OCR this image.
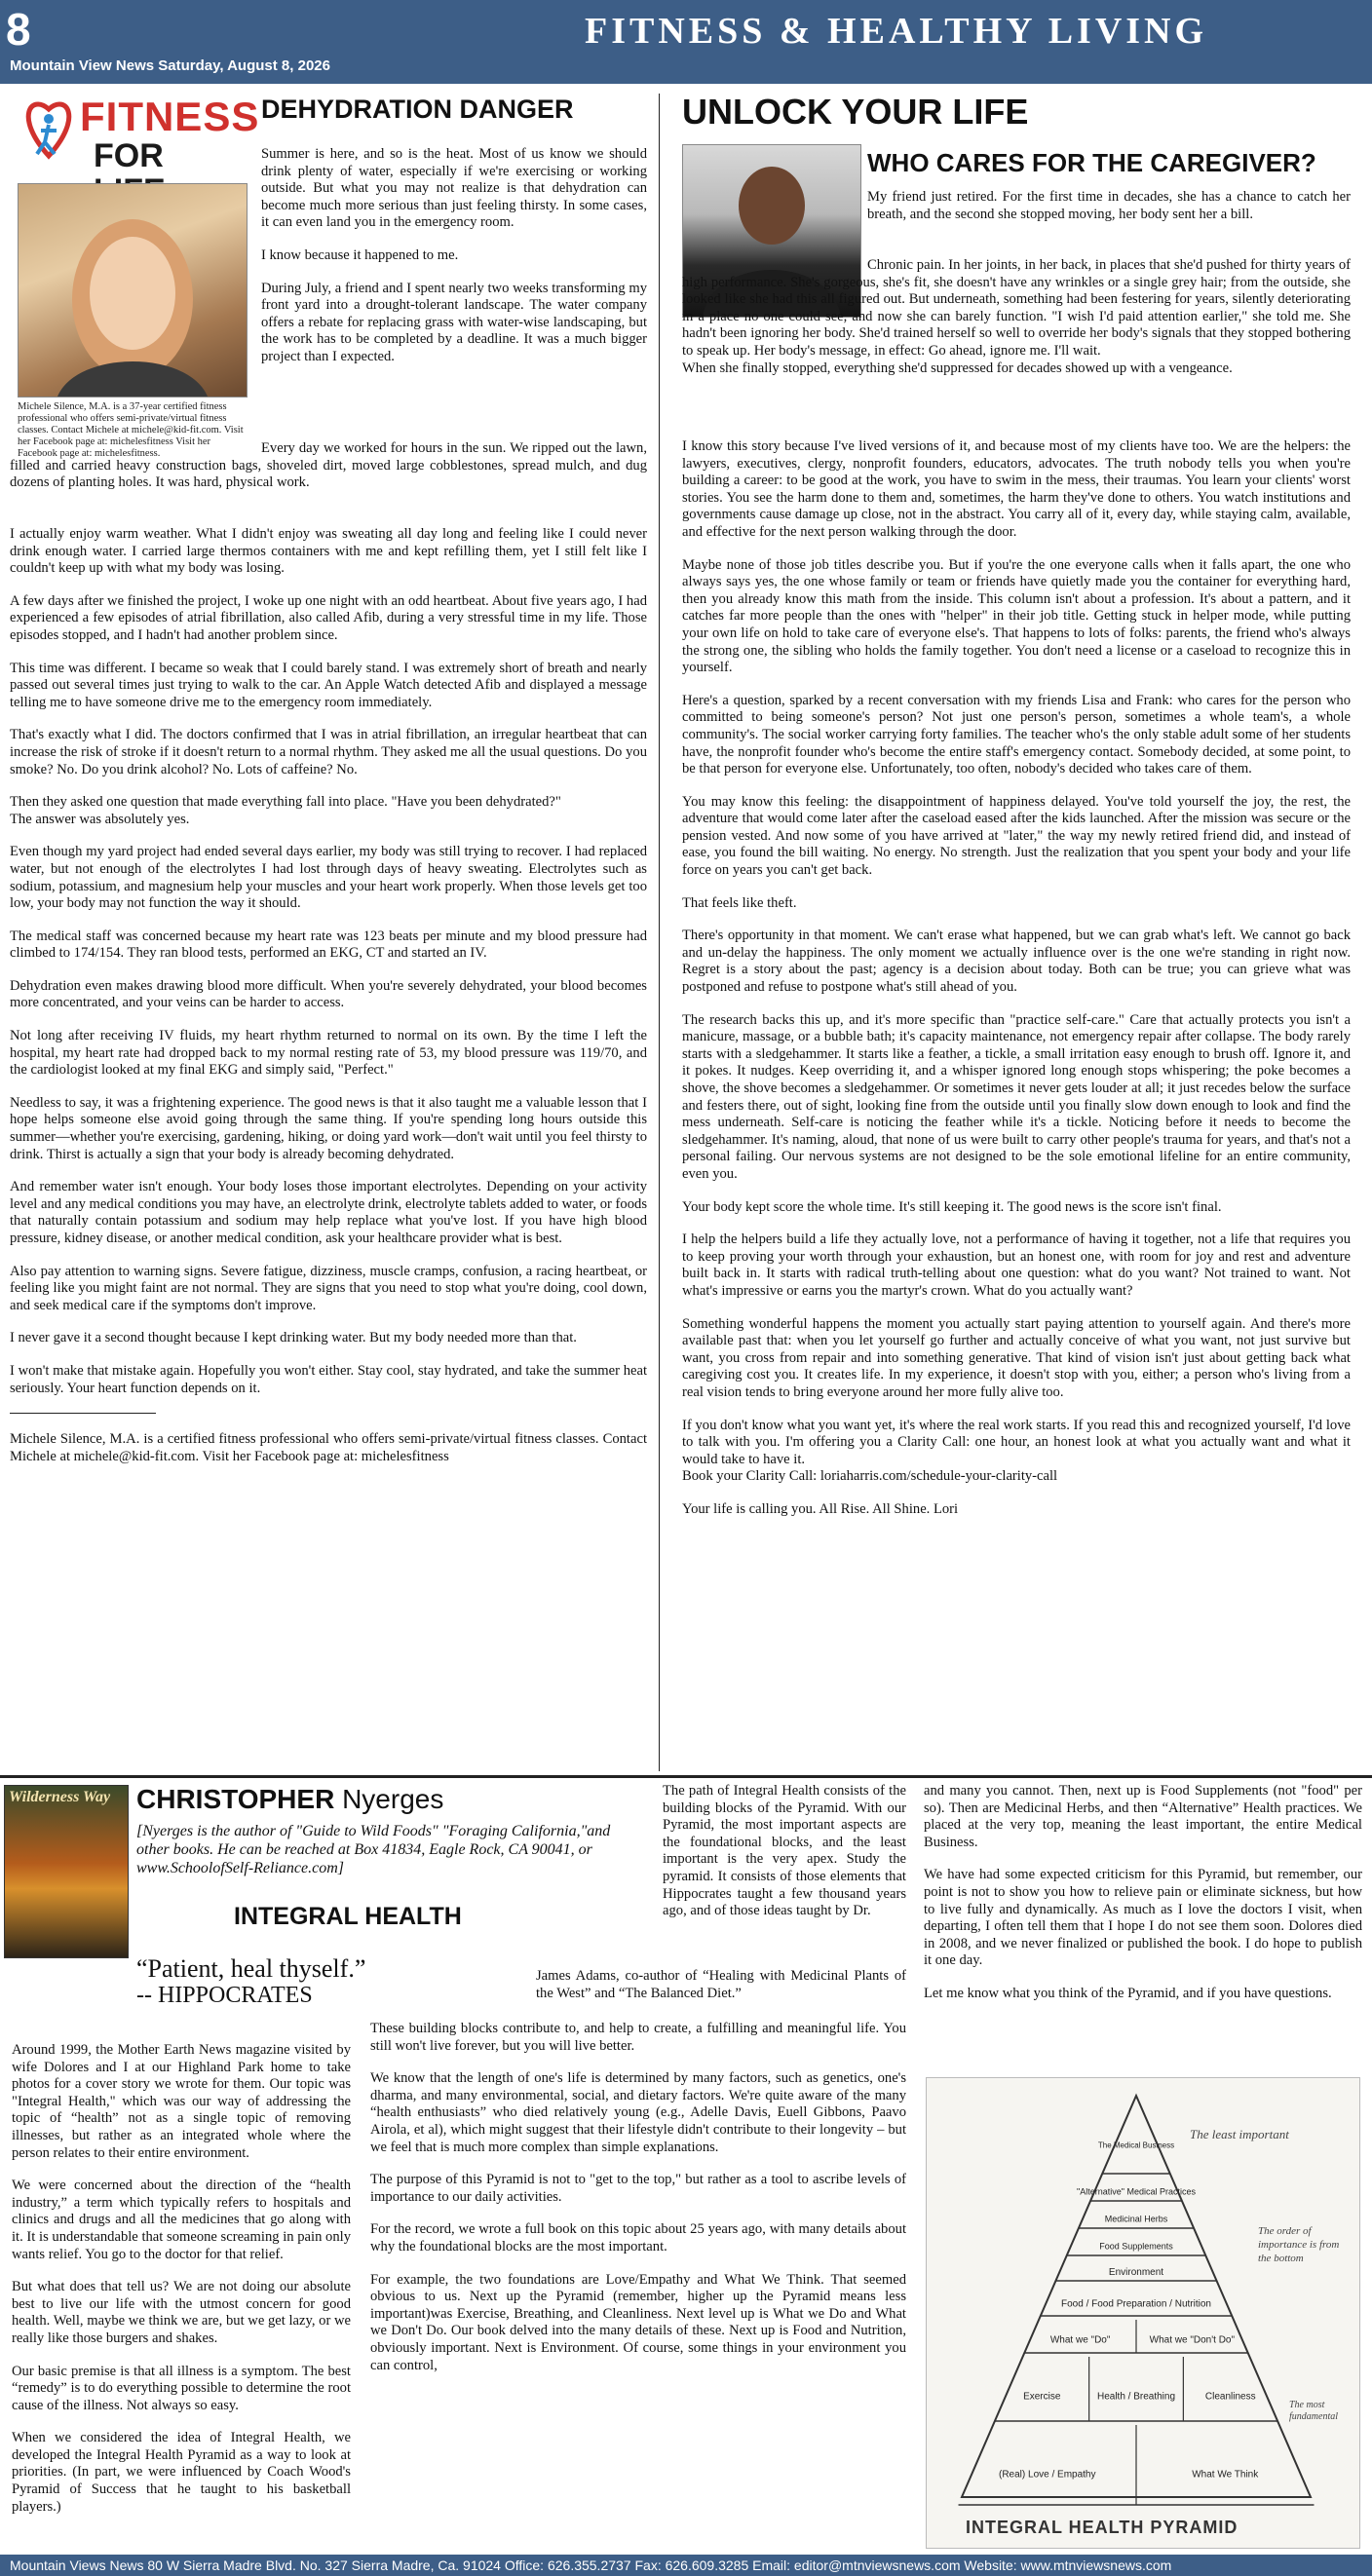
8	FITNESS & HEALTHY LIVING
Mountain View News Saturday, August 8, 2026
FITNESS
FOR
DEHYDRATION DANGER
Michele Silence, M.A. is a 37-year certified fitness professional who offers semi-private/virtual fitness classes. Contact Michele at michele@kid-fit.com. Visit her Facebook page at: michelesfitness Visit her Facebook page at: michelesfitness.

Summer is here, and so is the heat. Most of us know we should drink plenty of water, especially if we're exercising or working outside. But what you may not realize is that dehydration can become much more serious than just feeling thirsty. In some cases, it can even land you in the emergency room.

I know because it happened to me.

During July, a friend and I spent nearly two weeks transforming my front yard into a drought-tolerant landscape. The water company offers a rebate for replacing grass with water-wise landscaping, but the work has to be completed by a deadline. It was a much bigger project than I expected.

Every day we worked for hours in the sun. We ripped out the lawn, filled and carried heavy construction bags, shoveled dirt, moved large cobblestones, spread mulch, and dug dozens of planting holes. It was hard, physical work.

I actually enjoy warm weather. What I didn't enjoy was sweating all day long and feeling like I could never drink enough water. I carried large thermos containers with me and kept refilling them, yet I still felt like I couldn't keep up with what my body was losing.

A few days after we finished the project, I woke up one night with an odd heartbeat. About five years ago, I had experienced a few episodes of atrial fibrillation, also called Afib, during a very stressful time in my life. Those episodes stopped, and I hadn't had another problem since.

This time was different. I became so weak that I could barely stand. I was extremely short of breath and nearly passed out several times just trying to walk to the car. An Apple Watch detected Afib and displayed a message telling me to have someone drive me to the emergency room immediately.

That's exactly what I did. The doctors confirmed that I was in atrial fibrillation, an irregular heartbeat that can increase the risk of stroke if it doesn't return to a normal rhythm. They asked me all the usual questions. Do you smoke? No. Do you drink alcohol? No. Lots of caffeine? No.

Then they asked one question that made everything fall into place. "Have you been dehydrated?"
The answer was absolutely yes.

Even though my yard project had ended several days earlier, my body was still trying to recover. I had replaced water, but not enough of the electrolytes I had lost through days of heavy sweating. Electrolytes such as sodium, potassium, and magnesium help your muscles and your heart work properly. When those levels get too low, your body may not function the way it should.

The medical staff was concerned because my heart rate was 123 beats per minute and my blood pressure had climbed to 174/154. They ran blood tests, performed an EKG, CT and started an IV.

Dehydration even makes drawing blood more difficult. When you're severely dehydrated, your blood becomes more concentrated, and your veins can be harder to access.

Not long after receiving IV fluids, my heart rhythm returned to normal on its own. By the time I left the hospital, my heart rate had dropped back to my normal resting rate of 53, my blood pressure was 119/70, and the cardiologist looked at my final EKG and simply said, "Perfect."

Needless to say, it was a frightening experience. The good news is that it also taught me a valuable lesson that I hope helps someone else avoid going through the same thing. If you're spending long hours outside this summer—whether you're exercising, gardening, hiking, or doing yard work—don't wait until you feel thirsty to drink. Thirst is actually a sign that your body is already becoming dehydrated.

And remember water isn't enough. Your body loses those important electrolytes. Depending on your activity level and any medical conditions you may have, an electrolyte drink, electrolyte tablets added to water, or foods that naturally contain potassium and sodium may help replace what you've lost. If you have high blood pressure, kidney disease, or another medical condition, ask your healthcare provider what is best.

Also pay attention to warning signs. Severe fatigue, dizziness, muscle cramps, confusion, a racing heartbeat, or feeling like you might faint are not normal. They are signs that you need to stop what you're doing, cool down, and seek medical care if the symptoms don't improve.

I never gave it a second thought because I kept drinking water. But my body needed more than that.

I won't make that mistake again. Hopefully you won't either. Stay cool, stay hydrated, and take the summer heat seriously. Your heart function depends on it.

Michele Silence, M.A. is a certified fitness professional who offers semi-private/virtual fitness classes. Contact Michele at michele@kid-fit.com. Visit her Facebook page at: michelesfitness

UNLOCK YOUR LIFE
WHO CARES FOR THE CAREGIVER?

My friend just retired. For the first time in decades, she has a chance to catch her breath, and the second she stopped moving, her body sent her a bill.

Chronic pain. In her joints, in her back, in places that she'd pushed for thirty years of high performance. She's gorgeous, she's fit, she doesn't have any wrinkles or a single grey hair; from the outside, she looked like she had this all figured out. But underneath, something had been festering for years, silently deteriorating in a place no one could see, and now she can barely function. "I wish I'd paid attention earlier," she told me. She hadn't been ignoring her body. She'd trained herself so well to override her body's signals that they stopped bothering to speak up. Her body's message, in effect: Go ahead, ignore me. I'll wait.
When she finally stopped, everything she'd suppressed for decades showed up with a vengeance.

I know this story because I've lived versions of it, and because most of my clients have too. We are the helpers: the lawyers, executives, clergy, nonprofit founders, educators, advocates. The truth nobody tells you when you're building a career: to be good at the work, you have to swim in the mess, their traumas. You learn your clients' worst stories. You see the harm done to them and, sometimes, the harm they've done to others. You watch institutions and governments cause damage up close, not in the abstract. You carry all of it, every day, while staying calm, available, and effective for the next person walking through the door.

Maybe none of those job titles describe you. But if you're the one everyone calls when it falls apart, the one who always says yes, the one whose family or team or friends have quietly made you the container for everything hard, then you already know this math from the inside. This column isn't about a profession. It's about a pattern, and it catches far more people than the ones with "helper" in their job title. Getting stuck in helper mode, while putting your own life on hold to take care of everyone else's. That happens to lots of folks: parents, the friend who's always the strong one, the sibling who holds the family together. You don't need a license or a caseload to recognize this in yourself.

Here's a question, sparked by a recent conversation with my friends Lisa and Frank: who cares for the person who committed to being someone's person? Not just one person's person, sometimes a whole team's, a whole community's. The social worker carrying forty families. The teacher who's the only stable adult some of her students have, the nonprofit founder who's become the entire staff's emergency contact. Somebody decided, at some point, to be that person for everyone else. Unfortunately, too often, nobody's decided who takes care of them.

You may know this feeling: the disappointment of happiness delayed. You've told yourself the joy, the rest, the adventure that would come later after the caseload eased after the kids launched. After the mission was secure or the pension vested. And now some of you have arrived at "later," the way my newly retired friend did, and instead of ease, you found the bill waiting. No energy. No strength. Just the realization that you spent your body and your life force on years you can't get back.

That feels like theft.

There's opportunity in that moment. We can't erase what happened, but we can grab what's left. We cannot go back and un-delay the happiness. The only moment we actually influence over is the one we're standing in right now. Regret is a story about the past; agency is a decision about today. Both can be true; you can grieve what was postponed and refuse to postpone what's still ahead of you.

The research backs this up, and it's more specific than "practice self-care." Care that actually protects you isn't a manicure, massage, or a bubble bath; it's capacity maintenance, not emergency repair after collapse. The body rarely starts with a sledgehammer. It starts like a feather, a tickle, a small irritation easy enough to brush off. Ignore it, and it pokes. It nudges. Keep overriding it, and a whisper ignored long enough stops whispering; the poke becomes a shove, the shove becomes a sledgehammer. Or sometimes it never gets louder at all; it just recedes below the surface and festers there, out of sight, looking fine from the outside until you finally slow down enough to look and find the mess underneath. Self-care is noticing the feather while it's a tickle. Noticing before it needs to become the sledgehammer. It's naming, aloud, that none of us were built to carry other people's trauma for years, and that's not a personal failing. Our nervous systems are not designed to be the sole emotional lifeline for an entire community, even you.

Your body kept score the whole time. It's still keeping it. The good news is the score isn't final.

I help the helpers build a life they actually love, not a performance of having it together, not a life that requires you to keep proving your worth through your exhaustion, but an honest one, with room for joy and rest and adventure built back in. It starts with radical truth-telling about one question: what do you want? Not trained to want. Not what's impressive or earns you the martyr's crown. What do you actually want?

Something wonderful happens the moment you actually start paying attention to yourself again. And there's more available past that: when you let yourself go further and actually conceive of what you want, not just survive but want, you cross from repair and into something generative. That kind of vision isn't just about getting back what caregiving cost you. It creates life. In my experience, it doesn't stop with you, either; a person who's living from a real vision tends to bring everyone around her more fully alive too.

If you don't know what you want yet, it's where the real work starts. If you read this and recognized yourself, I'd love to talk with you. I'm offering you a Clarity Call: one hour, an honest look at what you actually want and what it would take to have it.
Book your Clarity Call: loriaharris.com/schedule-your-clarity-call

Your life is calling you. All Rise. All Shine. Lori

Wilderness Way CHRISTOPHER Nyerges
[Nyerges is the author of "Guide to Wild Foods" "Foraging California,"and other books. He can be reached at Box 41834, Eagle Rock, CA 90041, or www.SchoolofSelf-Reliance.com]
INTEGRAL HEALTH
“Patient, heal thyself.”
-- HIPPOCRATES

Around 1999, the Mother Earth News magazine visited by wife Dolores and I at our Highland Park home to take photos for a cover story we wrote for them. Our topic was "Integral Health," which was our way of addressing the topic of “health” not as a single topic of removing illnesses, but rather as an integrated whole where the person relates to their entire environment.

We were concerned about the direction of the “health industry,” a term which typically refers to hospitals and clinics and drugs and all the medicines that go along with it. It is understandable that someone screaming in pain only wants relief. You go to the doctor for that relief.

But what does that tell us? We are not doing our absolute best to live our life with the utmost concern for good health. Well, maybe we think we are, but we get lazy, or we really like those burgers and shakes.

Our basic premise is that all illness is a symptom. The best “remedy” is to do everything possible to determine the root cause of the illness. Not always so easy.

When we considered the idea of Integral Health, we developed the Integral Health Pyramid as a way to look at priorities. (In part, we were influenced by Coach Wood's Pyramid of Success that he taught to his basketball players.)

The path of Integral Health consists of the building blocks of the Pyramid. With our Pyramid, the most important aspects are the foundational blocks, and the least important is the very apex. Study the pyramid. It consists of those elements that Hippocrates taught a few thousand years ago, and of those ideas taught by Dr.

James Adams, co-author of “Healing with Medicinal Plants of the West” and “The Balanced Diet.”

These building blocks contribute to, and help to create, a fulfilling and meaningful life. You still won't live forever, but you will live better.

We know that the length of one's life is determined by many factors, such as genetics, one's dharma, and many environmental, social, and dietary factors. We're quite aware of the many “health enthusiasts” who died relatively young (e.g., Adelle Davis, Euell Gibbons, Paavo Airola, et al), which might suggest that their lifestyle didn't contribute to their longevity – but we feel that is much more complex than simple explanations.

The purpose of this Pyramid is not to "get to the top," but rather as a tool to ascribe levels of importance to our daily activities.

For the record, we wrote a full book on this topic about 25 years ago, with many details about why the foundational blocks are the most important.

For example, the two foundations are Love/Empathy and What We Think. That seemed obvious to us. Next up the Pyramid (remember, higher up the Pyramid means less important)was Exercise, Breathing, and Cleanliness. Next level up is What we Do and What we Don't Do. Our book delved into the many details of these. Next up is Food and Nutrition, obviously important. Next is Environment. Of course, some things in your environment you can control,

and many you cannot. Then, next up is Food Supplements (not "food" per so). Then are Medicinal Herbs, and then “Alternative” Health practices. We placed at the very top, meaning the least important, the entire Medical Business.

We have had some expected criticism for this Pyramid, but remember, our point is not to show you how to relieve pain or eliminate sickness, but how to live fully and dynamically. As much as I love the doctors I visit, when departing, I often tell them that I hope I do not see them soon. Dolores died in 2008, and we never finalized or published the book. I do hope to publish it one day.

Let me know what you think of the Pyramid, and if you have questions.

The Medical Business
"Alternative" Medical Practices
Medicinal Herbs
Food Supplements
Environment
Food / Food Preparation / Nutrition
What we "Do"	What we "Don't Do"
Exercise	Health / Breathing	Cleanliness
(Real) Love / Empathy	What We Think
INTEGRAL HEALTH PYRAMID
The least important
The order of importance is from the bottom
The most fundamental
Mountain Views News 80 W Sierra Madre Blvd. No. 327 Sierra Madre, Ca. 91024 Office: 626.355.2737 Fax: 626.609.3285 Email: editor@mtnviewsnews.com Website: www.mtnviewsnews.com
